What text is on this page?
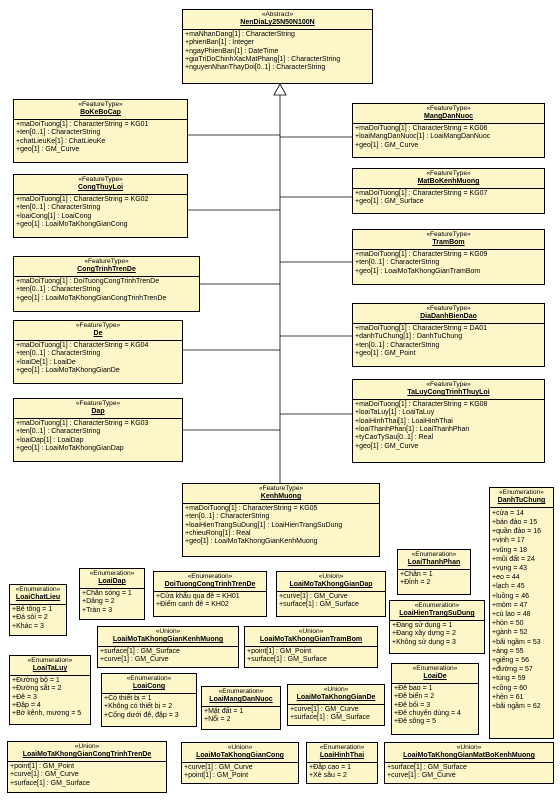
«Abstract»
NenDiaLy25N50N100N
+maNhanDang[1] : CharacterString
+phienBan[1] : Integer
+ngayPhienBan[1] : DateTime
+giaTriDoChinhXacMatPhang[1] : CharacterString
+nguyenNhanThayDoi[0..1] : CharacterString
«FeatureType»
BoKeBoCap
+maDoiTuong[1] : CharacterString = KG01
+ten[0..1] : CharacterString
+chatLieuKe[1] : ChatLieuKe
+geo[1] : GM_Curve
«FeatureType»
CongThuyLoi
+maDoiTuong[1] : CharacterString = KG02
+ten[0..1] : CharacterString
+loaiCong[1] : LoaiCong
+geo[1] : LoaiMoTaKhongGianCong
«FeatureType»
CongTrinhTrenDe
+maDoiTuong[1] : DoiTuongCongTrinhTrenDe
+ten[0..1] : CharacterString
+geo[1] : LoaiMoTaKhongGianCongTrinhTrenDe
«FeatureType»
De
+maDoiTuong[1] : CharacterString = KG04
+ten[0..1] : CharacterString
+loaiDe[1] : LoaiDe
+geo[1] : LoaiMoTaKhongGianDe
«FeatureType»
Dap
+maDoiTuong[1] : CharacterString = KG03
+ten[0..1] : CharacterString
+loaiDap[1] : LoaiDap
+geo[1] : LoaiMoTaKhongGianDap
«FeatureType»
MangDanNuoc
+maDoiTuong[1] : CharacterString = KG06
+loaiMangDanNuoc[1] : LoaiMangDanNuoc
+geo[1] : GM_Curve
«FeatureType»
MatBoKenhMuong
+maDoiTuong[1] : CharacterString = KG07
+geo[1] : GM_Surface
«FeatureType»
TramBom
+maDoiTuong[1] : CharacterString = KG09
+ten[0..1] : CharacterString
+geo[1] : LoaiMoTaKhongGianTramBom
«FeatureType»
DiaDanhBienDao
+maDoiTuong[1] : CharacterString = DA01
+danhTuChung[1] : DanhTuChung
+ten[0..1] : CharacterString
+geo[1] : GM_Point
«FeatureType»
TaLuyCongTrinhThuyLoi
+maDoiTuong[1] : CharacterString = KG08
+loaiTaLuy[1] : LoaiTaLuy
+loaiHinhThai[1] : LoaiHinhThai
+loaiThanhPhan[1] : LoaiThanhPhan
+tyCaoTySau[0..1] : Real
+geo[1] : GM_Curve
«FeatureType»
KenhMuong
+maDoiTuong[1] : CharacterString = KG05
+ten[0..1] : CharacterString
+loaiHienTrangSuDung[1] : LoaiHienTrangSuDung
+chieuRong[1] : Real
+geo[1] : LoaiMoTaKhongGianKenhMuong
«Enumeration»
DanhTuChung
+cửa = 14
+bán đảo = 15
+quần đảo = 16
+vịnh = 17
+vũng = 18
+mũi đất = 24
+vụng = 43
+eo = 44
+lạch = 45
+luồng = 46
+mỏm = 47
+cù lao = 48
+hòn = 50
+gành = 52
+bãi ngầm = 53
+áng = 55
+giếng = 56
+đường = 57
+tùng = 59
+cồng = 60
+hẻn = 61
+bãi ngầm = 62
«Enumeration»
LoaiChatLieu
+Bê tông = 1
+Đá sỏi = 2
+Khác = 3
«Enumeration»
LoaiDap
+Chắn sóng = 1
+Dâng = 2
+Tràn = 3
«Enumeration»
DoiTuongCongTrinhTrenDe
+Cửa khẩu qua đê = KH01
+Điếm canh đê = KH02
«Union»
LoaiMoTaKhongGianDap
+curve[1] : GM_Curve
+surface[1] : GM_Surface
«Enumeration»
LoaiThanhPhan
+Chân = 1
+Đỉnh = 2
«Enumeration»
LoaiHienTrangSuDung
+Đang sử dụng = 1
+Đang xây dựng = 2
+Không sử dụng = 3
«Union»
LoaiMoTaKhongGianKenhMuong
+surface[1] : GM_Surface
+curve[1] : GM_Curve
«Union»
LoaiMoTaKhongGianTramBom
+point[1] : GM_Point
+surface[1] : GM_Surface
«Enumeration»
LoaiTaLuy
+Đường bộ = 1
+Đường sắt = 2
+Đê = 3
+Đập = 4
+Bờ kênh, mương = 5
«Enumeration»
LoaiCong
+Có thiết bị = 1
+Không có thiết bị = 2
+Cống dưới đê, đập = 3
«Enumeration»
LoaiMangDanNuoc
+Mặt đất = 1
+Nổi = 2
«Union»
LoaiMoTaKhongGianDe
+curve[1] : GM_Curve
+surface[1] : GM_Surface
«Enumeration»
LoaiDe
+Đê bao = 1
+Đê biển = 2
+Đê bối = 3
+Đê chuyên dùng = 4
+Đê sông = 5
«Union»
LoaiMoTaKhongGianCongTrinhTrenDe
+point[1] : GM_Point
+curve[1] : GM_Curve
+surface[1] : GM_Surface
«Union»
LoaiMoTaKhongGianCong
+curve[1] : GM_Curve
+point[1] : GM_Point
«Enumeration»
LoaiHinhThai
+Đắp cao = 1
+Xẻ sâu = 2
«Union»
LoaiMoTaKhongGianMatBoKenhMuong
+surface[1] : GM_Surface
+curve[1] : GM_Curve
